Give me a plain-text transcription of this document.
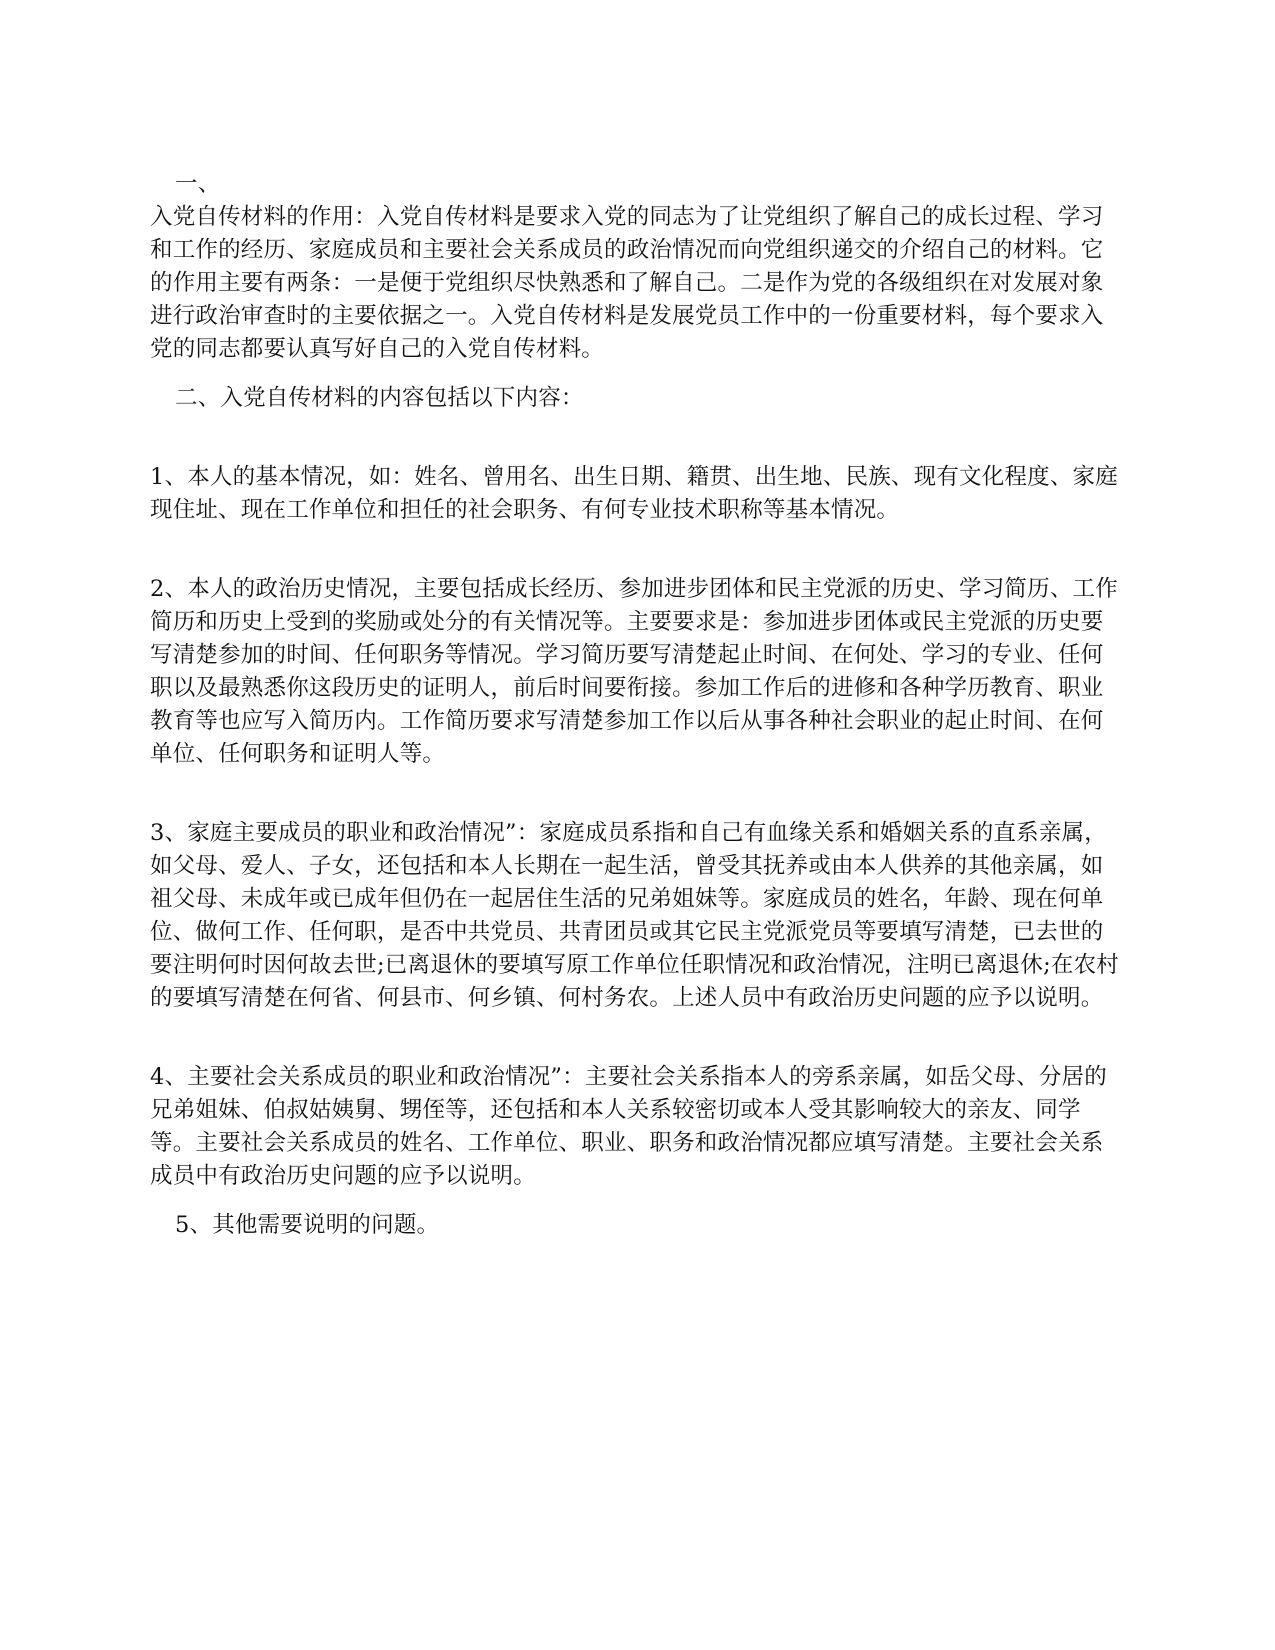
一、

入党自传材料的作用：入党自传材料是要求入党的同志为了让党组织了解自己的成长过程、学习和工作的经历、家庭成员和主要社会关系成员的政治情况而向党组织递交的介绍自己的材料。它的作用主要有两条：一是便于党组织尽快熟悉和了解自己。二是作为党的各级组织在对发展对象进行政治审查时的主要依据之一。入党自传材料是发展党员工作中的一份重要材料，每个要求入党的同志都要认真写好自己的入党自传材料。

二、入党自传材料的内容包括以下内容：

1、本人的基本情况，如：姓名、曾用名、出生日期、籍贯、出生地、民族、现有文化程度、家庭现住址、现在工作单位和担任的社会职务、有何专业技术职称等基本情况。

2、本人的政治历史情况，主要包括成长经历、参加进步团体和民主党派的历史、学习简历、工作简历和历史上受到的奖励或处分的有关情况等。主要要求是：参加进步团体或民主党派的历史要写清楚参加的时间、任何职务等情况。学习简历要写清楚起止时间、在何处、学习的专业、任何职以及最熟悉你这段历史的证明人，前后时间要衔接。参加工作后的进修和各种学历教育、职业教育等也应写入简历内。工作简历要求写清楚参加工作以后从事各种社会职业的起止时间、在何单位、任何职务和证明人等。

3、家庭主要成员的职业和政治情况”：家庭成员系指和自己有血缘关系和婚姻关系的直系亲属，如父母、爱人、子女，还包括和本人长期在一起生活，曾受其抚养或由本人供养的其他亲属，如祖父母、未成年或已成年但仍在一起居住生活的兄弟姐妹等。家庭成员的姓名，年龄、现在何单位、做何工作、任何职，是否中共党员、共青团员或其它民主党派党员等要填写清楚，已去世的要注明何时因何故去世;已离退休的要填写原工作单位任职情况和政治情况，注明已离退休;在农村的要填写清楚在何省、何县市、何乡镇、何村务农。上述人员中有政治历史问题的应予以说明。

4、主要社会关系成员的职业和政治情况”：主要社会关系指本人的旁系亲属，如岳父母、分居的兄弟姐妹、伯叔姑姨舅、甥侄等，还包括和本人关系较密切或本人受其影响较大的亲友、同学等。主要社会关系成员的姓名、工作单位、职业、职务和政治情况都应填写清楚。主要社会关系成员中有政治历史问题的应予以说明。

5、其他需要说明的问题。
